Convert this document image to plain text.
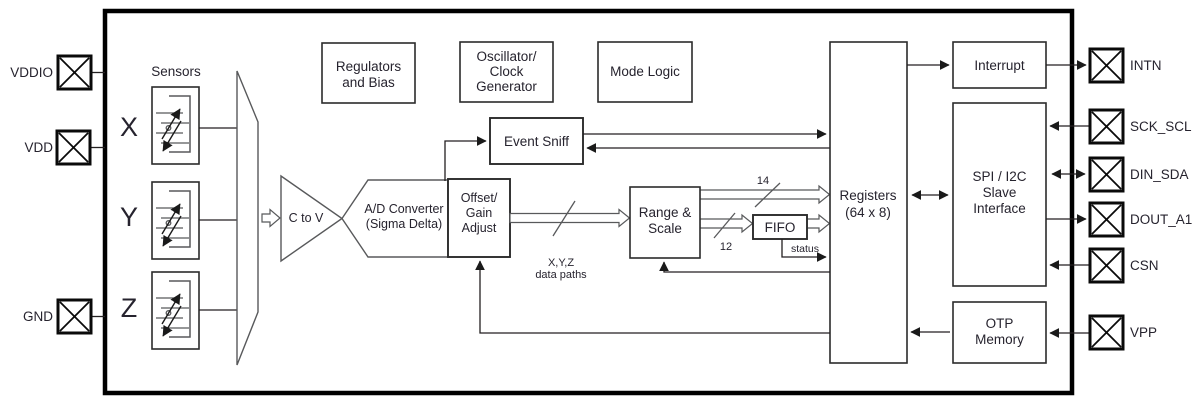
VDDIO
VDD
GND
Sensors
X
Y
Z
C to V
A/D Converter
(Sigma Delta)
Offset/
Gain
Adjust
Regulators
and Bias
Oscillator/
Clock
Generator
Mode Logic
Event Sniff
14
12
X,Y,Z
data paths
Range &
Scale	FIFO
status
Registers
(64 x 8)
Interrupt
SPI / I2C
Slave
Interface
OTP
Memory
INTN
SCK_SCL
DIN_SDA
DOUT_A1
CSN
VPP
